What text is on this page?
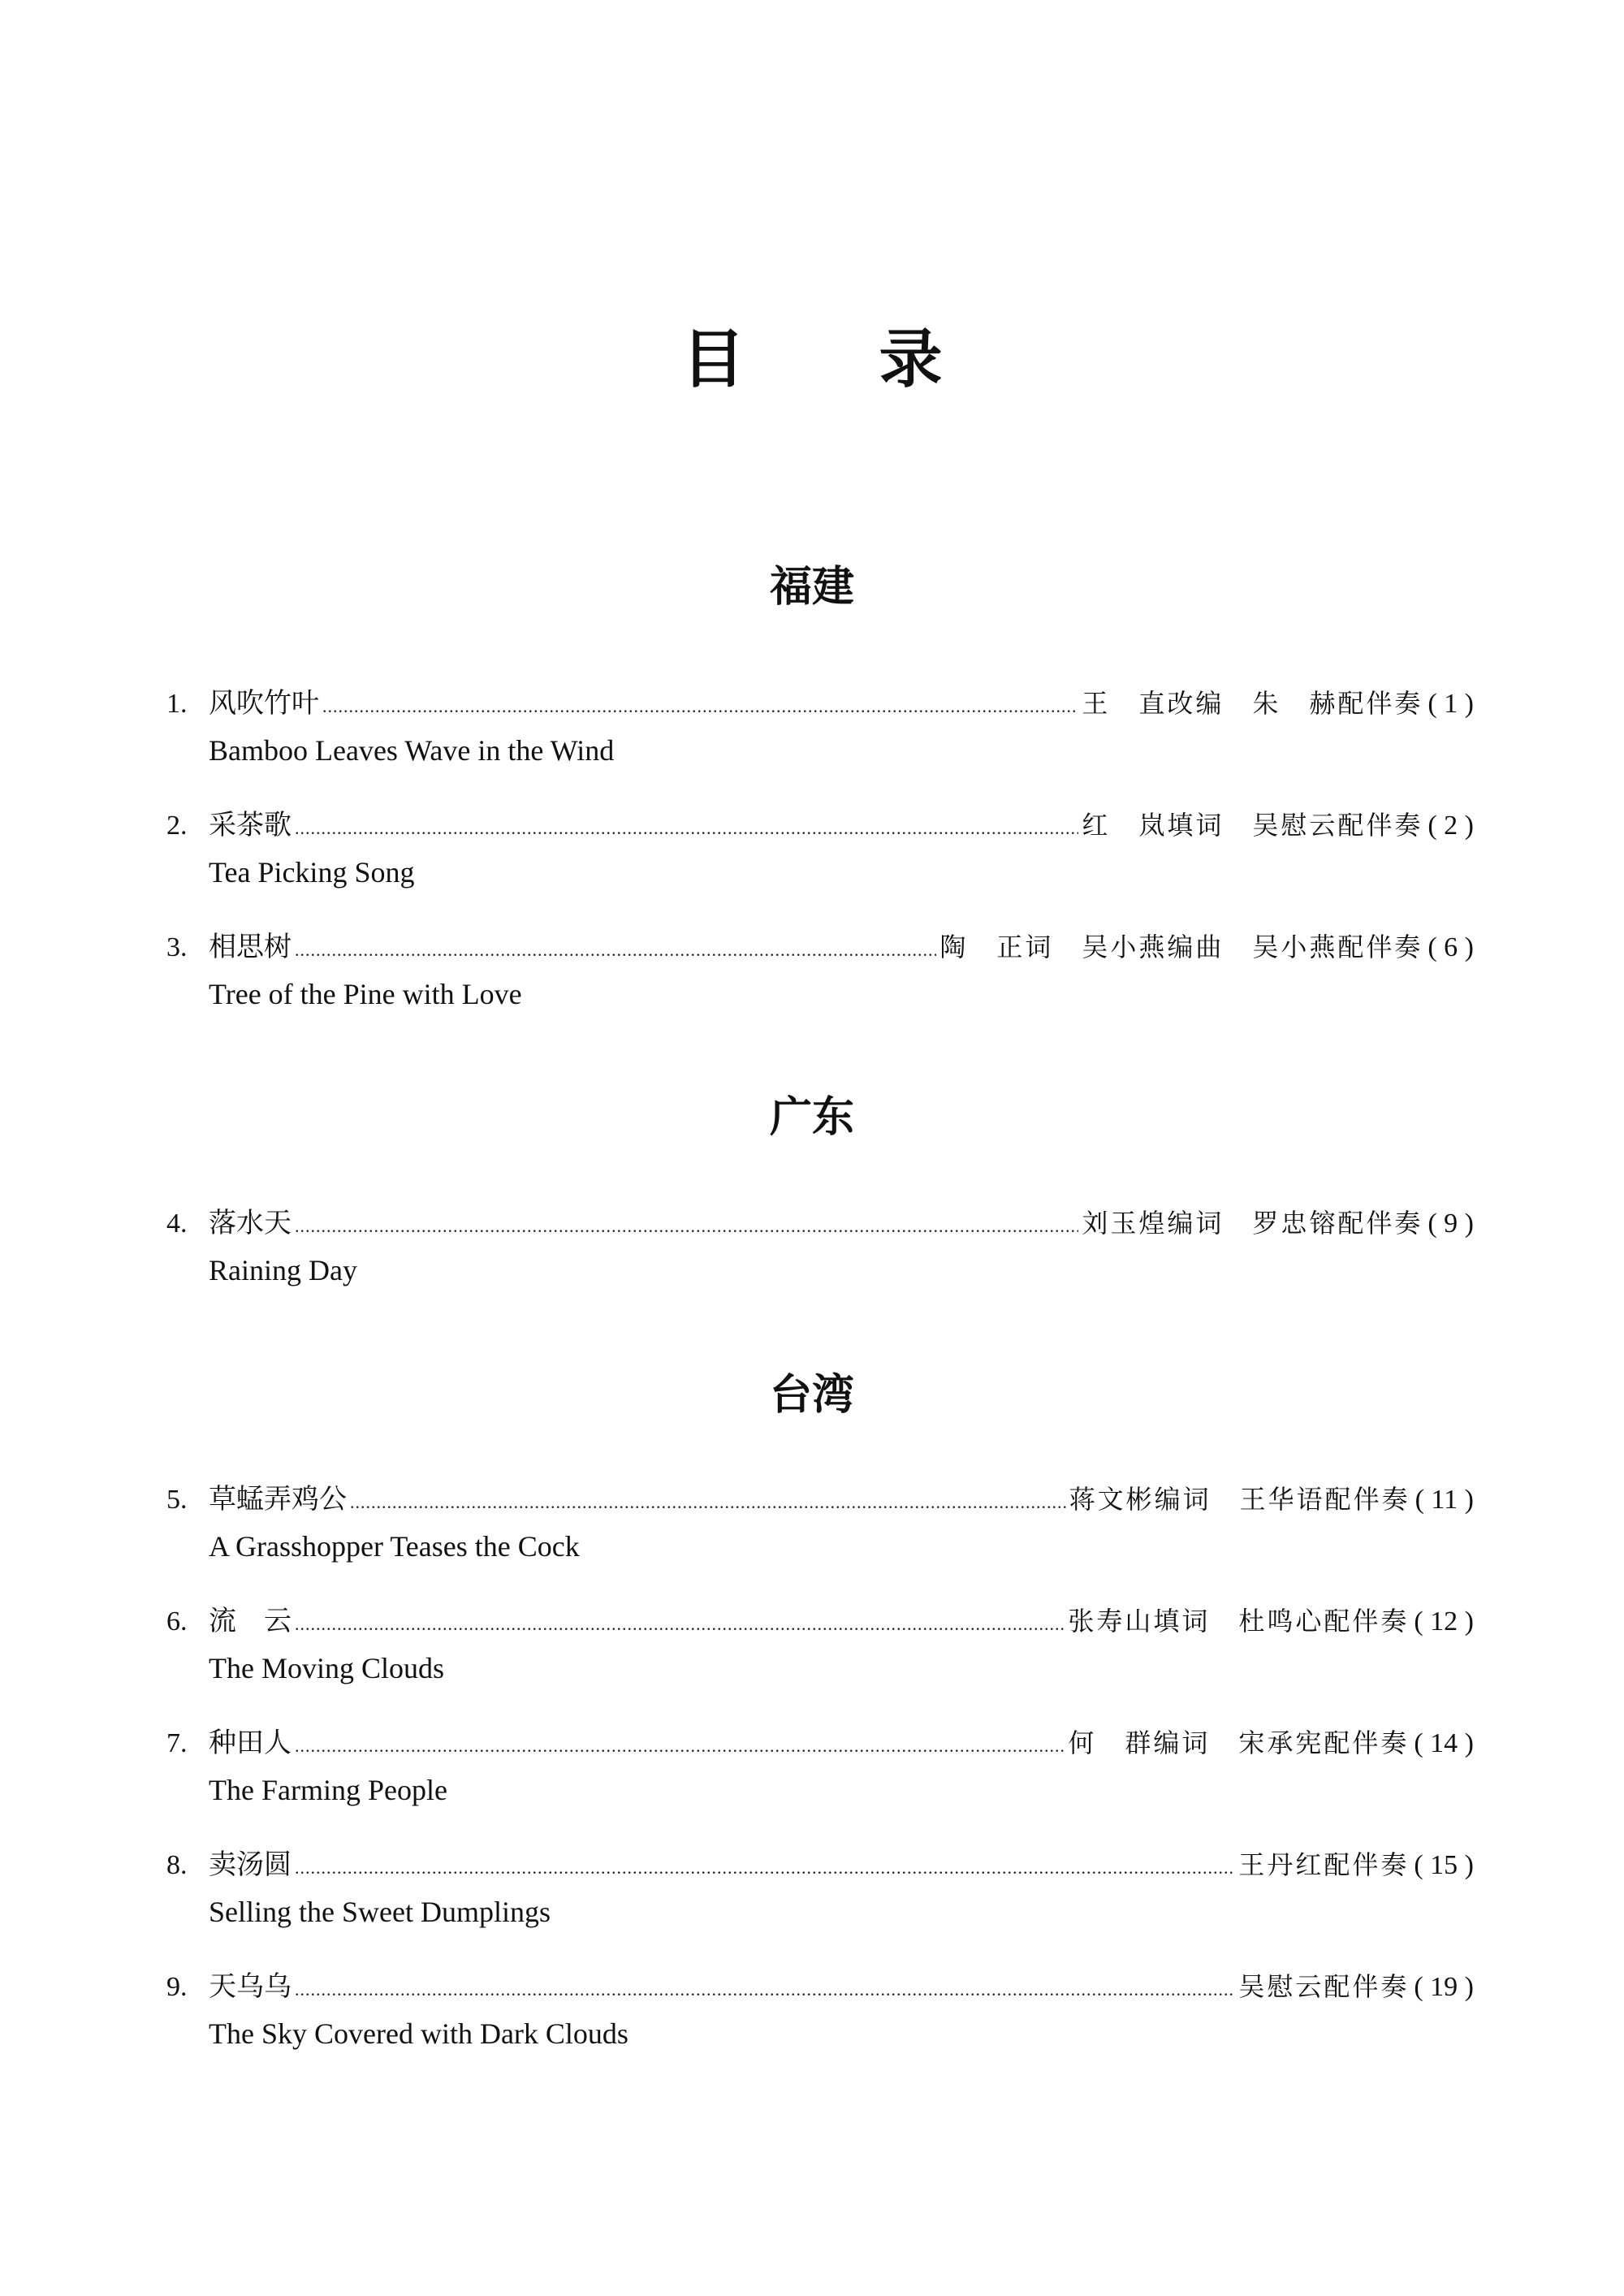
目 录
福建
1. 风吹竹叶 .....	王　直改编　朱　赫配伴奏 ( 1 )
Bamboo Leaves Wave in the Wind
2. 采茶歌 .....	红　岚填词　吴慰云配伴奏 ( 2 )
Tea Picking Song
3. 相思树 .....	陶　正词　吴小燕编曲　吴小燕配伴奏 ( 6 )
Tree of the Pine with Love
广东
4. 落水天 .....	刘玉煌编词　罗忠镕配伴奏 ( 9 )
Raining Day
台湾
5. 草蜢弄鸡公 .....	蒋文彬编词　王华语配伴奏 ( 11 )
A Grasshopper Teases the Cock
6. 流　云 .....	张寿山填词　杜鸣心配伴奏 ( 12 )
The Moving Clouds
7. 种田人 .....	何　群编词　宋承宪配伴奏 ( 14 )
The Farming People
8. 卖汤圆 .....	王丹红配伴奏 ( 15 )
Selling the Sweet Dumplings
9. 天乌乌 .....	吴慰云配伴奏 ( 19 )
The Sky Covered with Dark Clouds
